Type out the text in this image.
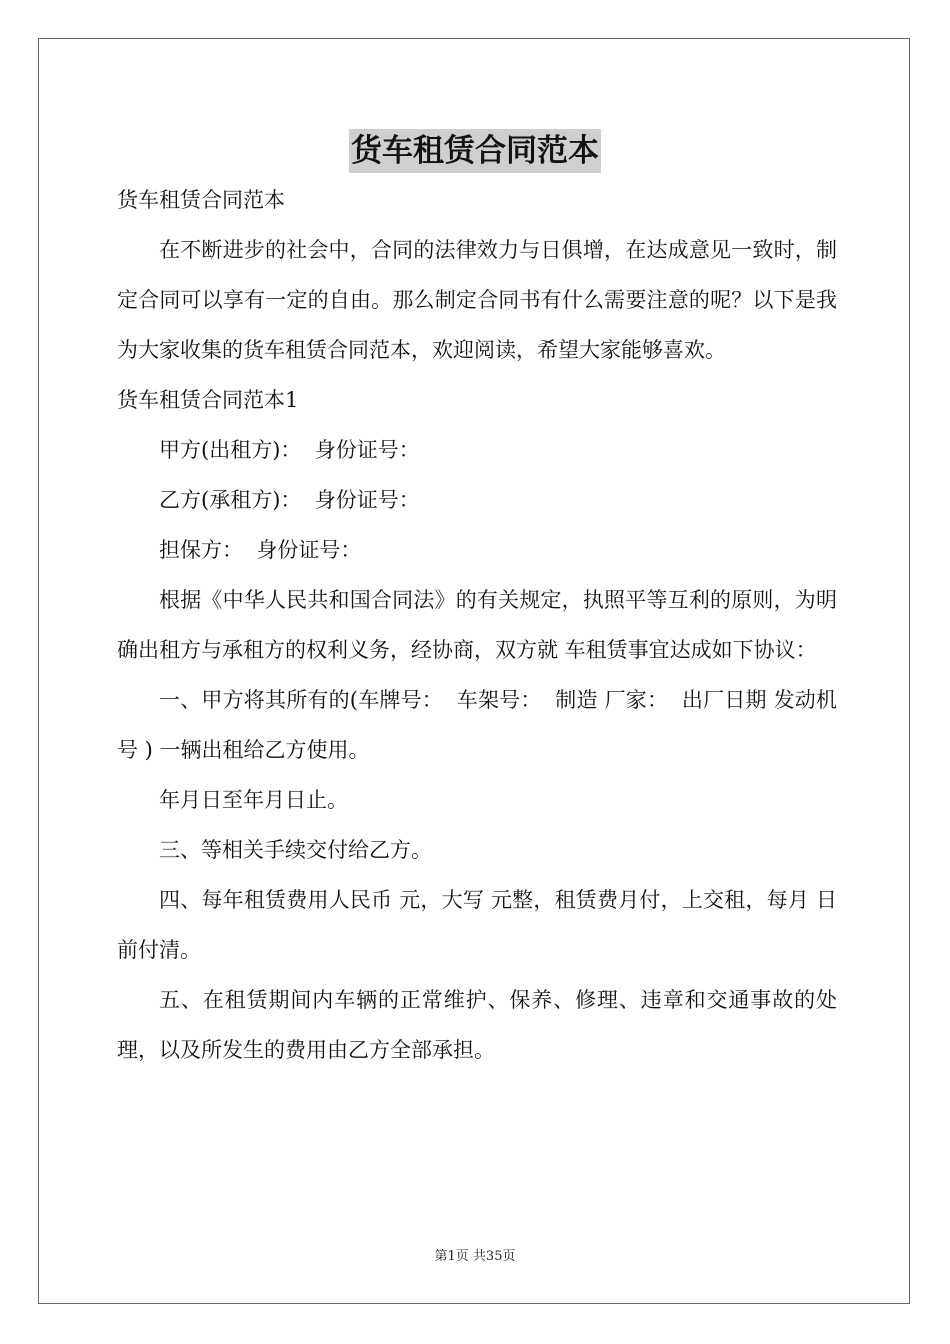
货车租赁合同范本

货车租赁合同范本

在不断进步的社会中，合同的法律效力与日俱增，在达成意见一致时，制定合同可以享有一定的自由。那么制定合同书有什么需要注意的呢？以下是我为大家收集的货车租赁合同范本，欢迎阅读，希望大家能够喜欢。

货车租赁合同范本1

甲方(出租方)：  身份证号：

乙方(承租方)：  身份证号：

担保方：  身份证号：

根据《中华人民共和国合同法》的有关规定，执照平等互利的原则，为明确出租方与承租方的权利义务，经协商，双方就 车租赁事宜达成如下协议：

一、甲方将其所有的(车牌号：  车架号：  制造 厂家：  出厂日期 发动机号 ) 一辆出租给乙方使用。

年月日至年月日止。

三、等相关手续交付给乙方。

四、每年租赁费用人民币 元，大写 元整，租赁费月付，上交租，每月 日前付清。

五、在租赁期间内车辆的正常维护、保养、修理、违章和交通事故的处理，以及所发生的费用由乙方全部承担。

第1页 共35页
